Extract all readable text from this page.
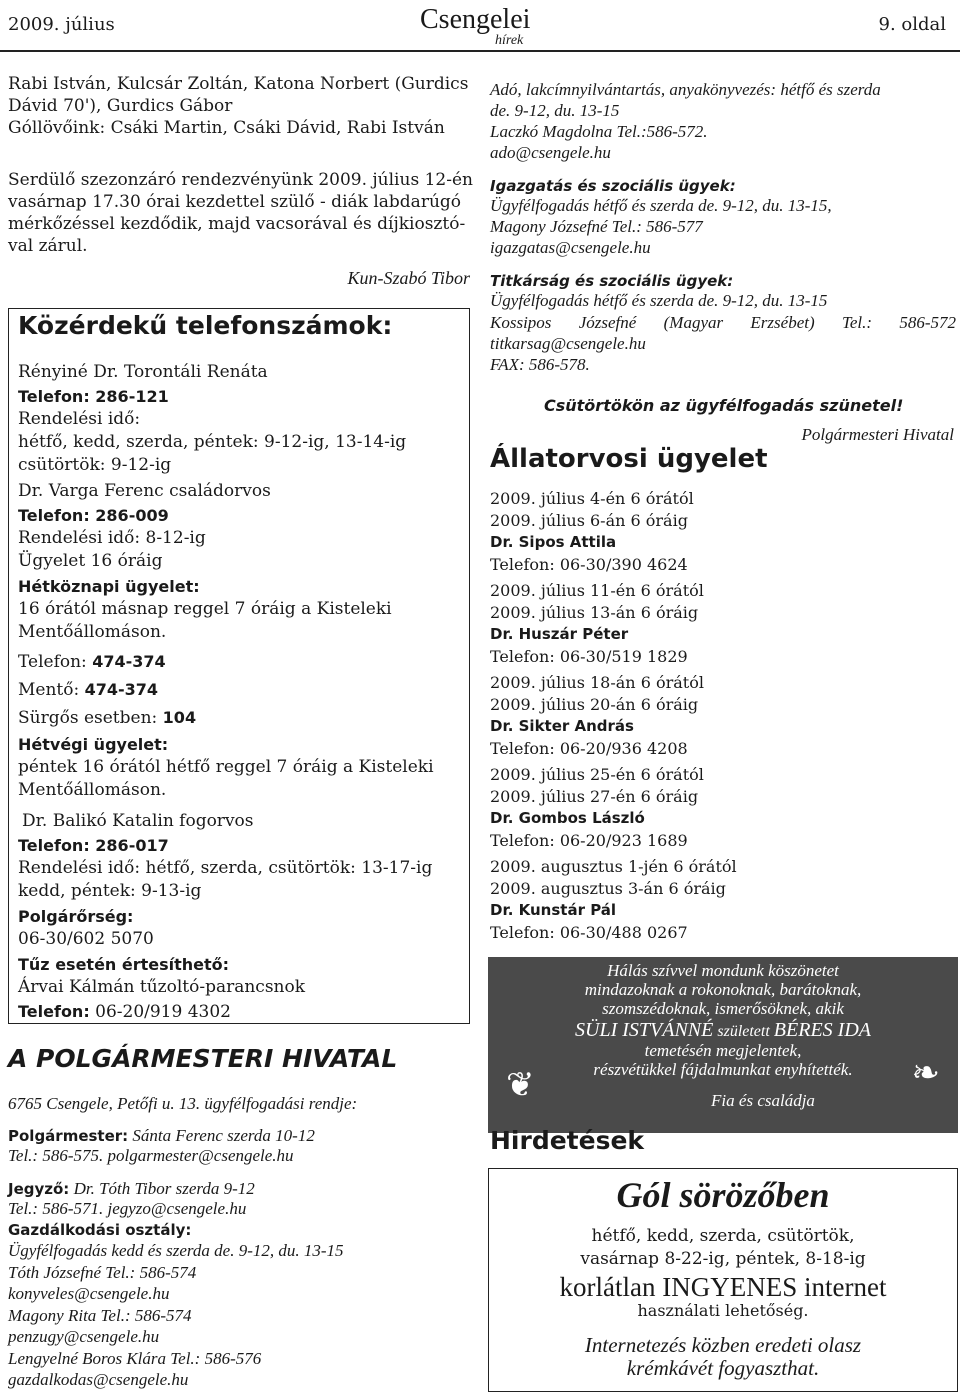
2009. július	Csengelei
hírek
9. oldal
Rabi István, Kulcsár Zoltán, Katona Norbert (Gurdics
Dávid 70'), Gurdics Gábor
Góllövőink: Csáki Martin, Csáki Dávid, Rabi István
Serdülő szezonzáró rendezvényünk 2009. július 12-én
vasárnap 17.30 órai kezdettel szülő - diák labdarúgó
mérkőzéssel kezdődik, majd vacsorával és díjkiosztó-
val zárul.
Kun-Szabó Tibor
Közérdekű telefonszámok:
Rényiné Dr. Torontáli Renáta
Telefon: 286-121
Rendelési idő:
hétfő, kedd, szerda, péntek: 9-12-ig, 13-14-ig
csütörtök: 9-12-ig
Dr. Varga Ferenc családorvos
Telefon: 286-009
Rendelési idő: 8-12-ig
Ügyelet 16 óráig
Hétköznapi ügyelet:
16 órától másnap reggel 7 óráig a Kisteleki
Mentőállomáson.
Telefon: 474-374
Mentő: 474-374
Sürgős esetben: 104
Hétvégi ügyelet:
péntek 16 órától hétfő reggel 7 óráig a Kisteleki
Mentőállomáson.
Dr. Balikó Katalin fogorvos
Telefon: 286-017
Rendelési idő: hétfő, szerda, csütörtök: 13-17-ig
kedd, péntek: 9-13-ig
Polgárőrség:
06-30/602 5070
Tűz esetén értesíthető:
Árvai Kálmán tűzoltó-parancsnok
Telefon: 06-20/919 4302
A POLGÁRMESTERI HIVATAL
6765 Csengele, Petőfi u. 13. ügyfélfogadási rendje:
Polgármester: Sánta Ferenc szerda 10-12
Tel.: 586-575. polgarmester@csengele.hu
Jegyző: Dr. Tóth Tibor szerda 9-12
Tel.: 586-571. jegyzo@csengele.hu
Gazdálkodási osztály:
Ügyfélfogadás kedd és szerda de. 9-12, du. 13-15
Tóth Józsefné Tel.: 586-574
konyveles@csengele.hu
Magony Rita Tel.: 586-574
penzugy@csengele.hu
Lengyelné Boros Klára Tel.: 586-576
gazdalkodas@csengele.hu
Adó, lakcímnyilvántartás, anyakönyvezés: hétfő és szerda
de. 9-12, du. 13-15
Laczkó Magdolna Tel.:586-572.
ado@csengele.hu
Igazgatás és szociális ügyek:
Ügyfélfogadás hétfő és szerda de. 9-12, du. 13-15,
Magony Józsefné Tel.: 586-577
igazgatas@csengele.hu
Titkárság és szociális ügyek:
Ügyfélfogadás hétfő és szerda de. 9-12, du. 13-15
Kossipos Józsefné (Magyar Erzsébet) Tel.: 586-572
titkarsag@csengele.hu
FAX: 586-578.
Csütörtökön az ügyfélfogadás szünetel!
Polgármesteri Hivatal
Állatorvosi ügyelet
2009. július 4-én 6 órától
2009. július 6-án 6 óráig
Dr. Sipos Attila
Telefon: 06-30/390 4624
2009. július 11-én 6 órától
2009. július 13-án 6 óráig
Dr. Huszár Péter
Telefon: 06-30/519 1829
2009. július 18-án 6 órától
2009. július 20-án 6 óráig
Dr. Sikter András
Telefon: 06-20/936 4208
2009. július 25-én 6 órától
2009. július 27-én 6 óráig
Dr. Gombos László
Telefon: 06-20/923 1689
2009. augusztus 1-jén 6 órától
2009. augusztus 3-án 6 óráig
Dr. Kunstár Pál
Telefon: 06-30/488 0267
Hálás szívvel mondunk köszönetet
mindazoknak a rokonoknak, barátoknak,
szomszédoknak, ismerősöknek, akik
SÜLI ISTVÁNNÉ született BÉRES IDA
temetésén megjelentek,
részvétükkel fájdalmunkat enyhítették.
Fia és családja
❦	❧
Hirdetések
Gól sörözőben
hétfő, kedd, szerda, csütörtök,
vasárnap 8-22-ig, péntek, 8-18-ig
korlátlan INGYENES internet
használati lehetőség.
Internetezés közben eredeti olasz
krémkávét fogyaszthat.
